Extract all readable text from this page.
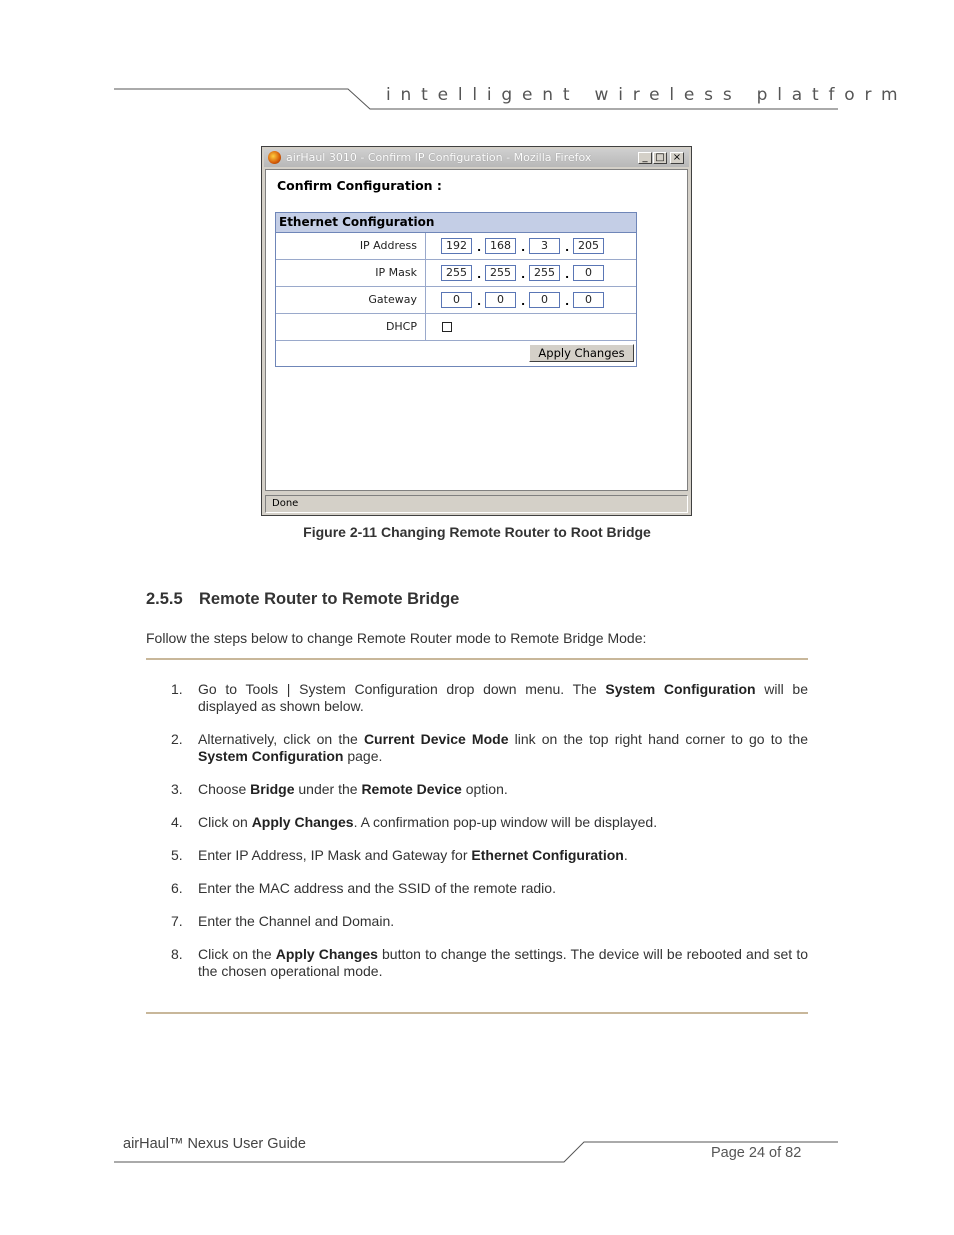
intelligent wireless platform
airHaul 3010 - Confirm IP Configuration - Mozilla Firefox	_ □ ×
Confirm Configuration :
Ethernet Configuration
IP Address	192 . 168 .	3	. 205
IP Mask	255 . 255 . 255 .	0
Gateway	0	.	0	.	0	.	0
DHCP
Apply Changes
Done
Figure 2-11 Changing Remote Router to Root Bridge
2.5.5 Remote Router to Remote Bridge
Follow the steps below to change Remote Router mode to Remote Bridge Mode:
1. Go to Tools | System Configuration drop down menu. The System Configuration will be displayed as shown below.
2. Alternatively, click on the Current Device Mode link on the top right hand corner to go to the System Configuration page.
3. Choose Bridge under the Remote Device option.
4. Click on Apply Changes. A confirmation pop-up window will be displayed.
5. Enter IP Address, IP Mask and Gateway for Ethernet Configuration.
6. Enter the MAC address and the SSID of the remote radio.
7. Enter the Channel and Domain.
8. Click on the Apply Changes button to change the settings. The device will be rebooted and set to the chosen operational mode.
airHaul™ Nexus User Guide
Page 24 of 82
